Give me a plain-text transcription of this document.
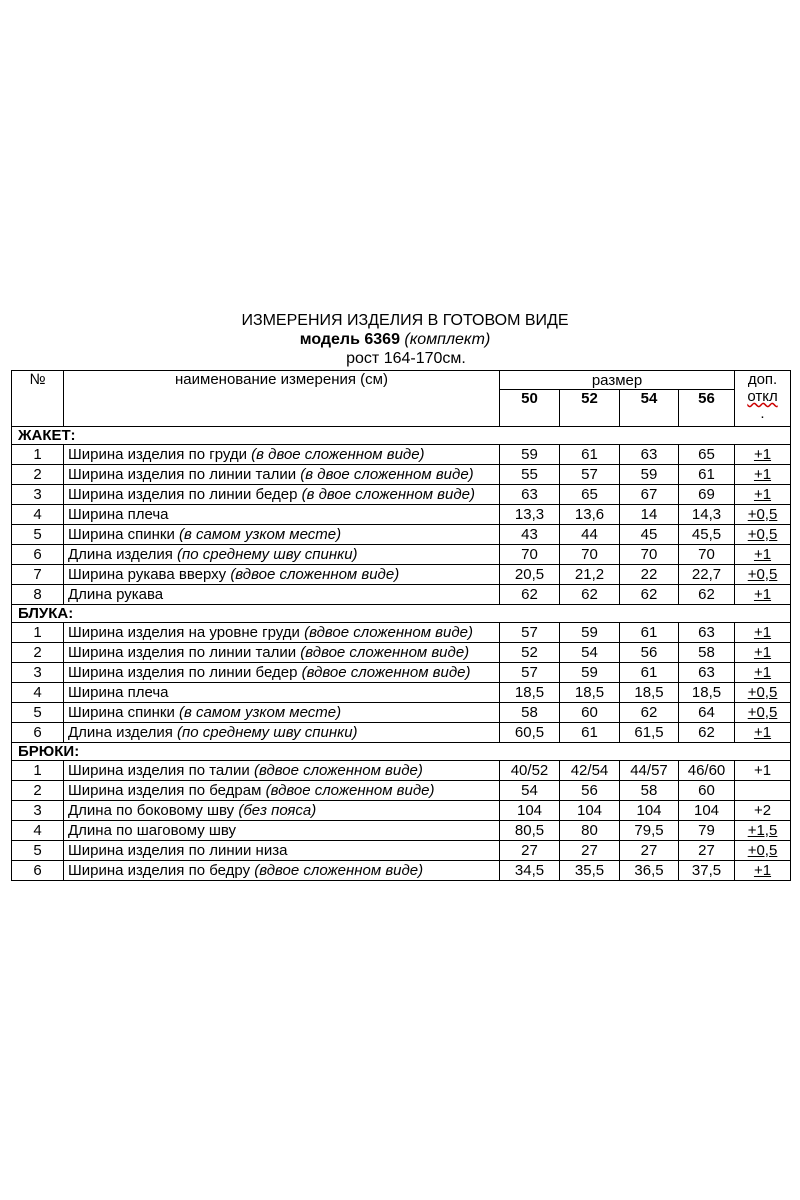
ИЗМЕРЕНИЯ ИЗДЕЛИЯ В ГОТОВОМ ВИДЕ
модель 6369 (комплект)
рост 164-170см.
№	наименование измерения (см)	размер				доп.
откл
.

		50	52	54	56	
ЖАКЕТ:						
1	Ширина изделия по груди (в двое сложенном виде)	59	61	63	65	+1
2	Ширина изделия по линии талии (в двое сложенном виде)	55	57	59	61	+1
3	Ширина изделия по линии бедер (в двое сложенном виде)	63	65	67	69	+1
4	Ширина плеча	13,3	13,6	14	14,3	+0,5
5	Ширина спинки (в самом узком месте)	43	44	45	45,5	+0,5
6	Длина изделия (по среднему шву спинки)	70	70	70	70	+1
7	Ширина рукава вверху (вдвое сложенном виде)	20,5	21,2	22	22,7	+0,5
8	Длина рукава	62	62	62	62	+1
БЛУКА:						
1	Ширина изделия на уровне груди (вдвое сложенном виде)	57	59	61	63	+1
2	Ширина изделия по линии талии (вдвое сложенном виде)	52	54	56	58	+1
3	Ширина изделия по линии бедер (вдвое сложенном виде)	57	59	61	63	+1
4	Ширина плеча	18,5	18,5	18,5	18,5	+0,5
5	Ширина спинки (в самом узком месте)	58	60	62	64	+0,5
6	Длина изделия (по среднему шву спинки)	60,5	61	61,5	62	+1
БРЮКИ:						
1	Ширина изделия по талии (вдвое сложенном виде)	40/52	42/54	44/57	46/60	+1
2	Ширина изделия по бедрам (вдвое сложенном виде)	54	56	58	60	
3	Длина по боковому шву (без пояса)	104	104	104	104	+2
4	Длина по шаговому шву	80,5	80	79,5	79	+1,5
5	Ширина изделия по линии низа	27	27	27	27	+0,5
6	Ширина изделия по бедру (вдвое сложенном виде)	34,5	35,5	36,5	37,5	+1
